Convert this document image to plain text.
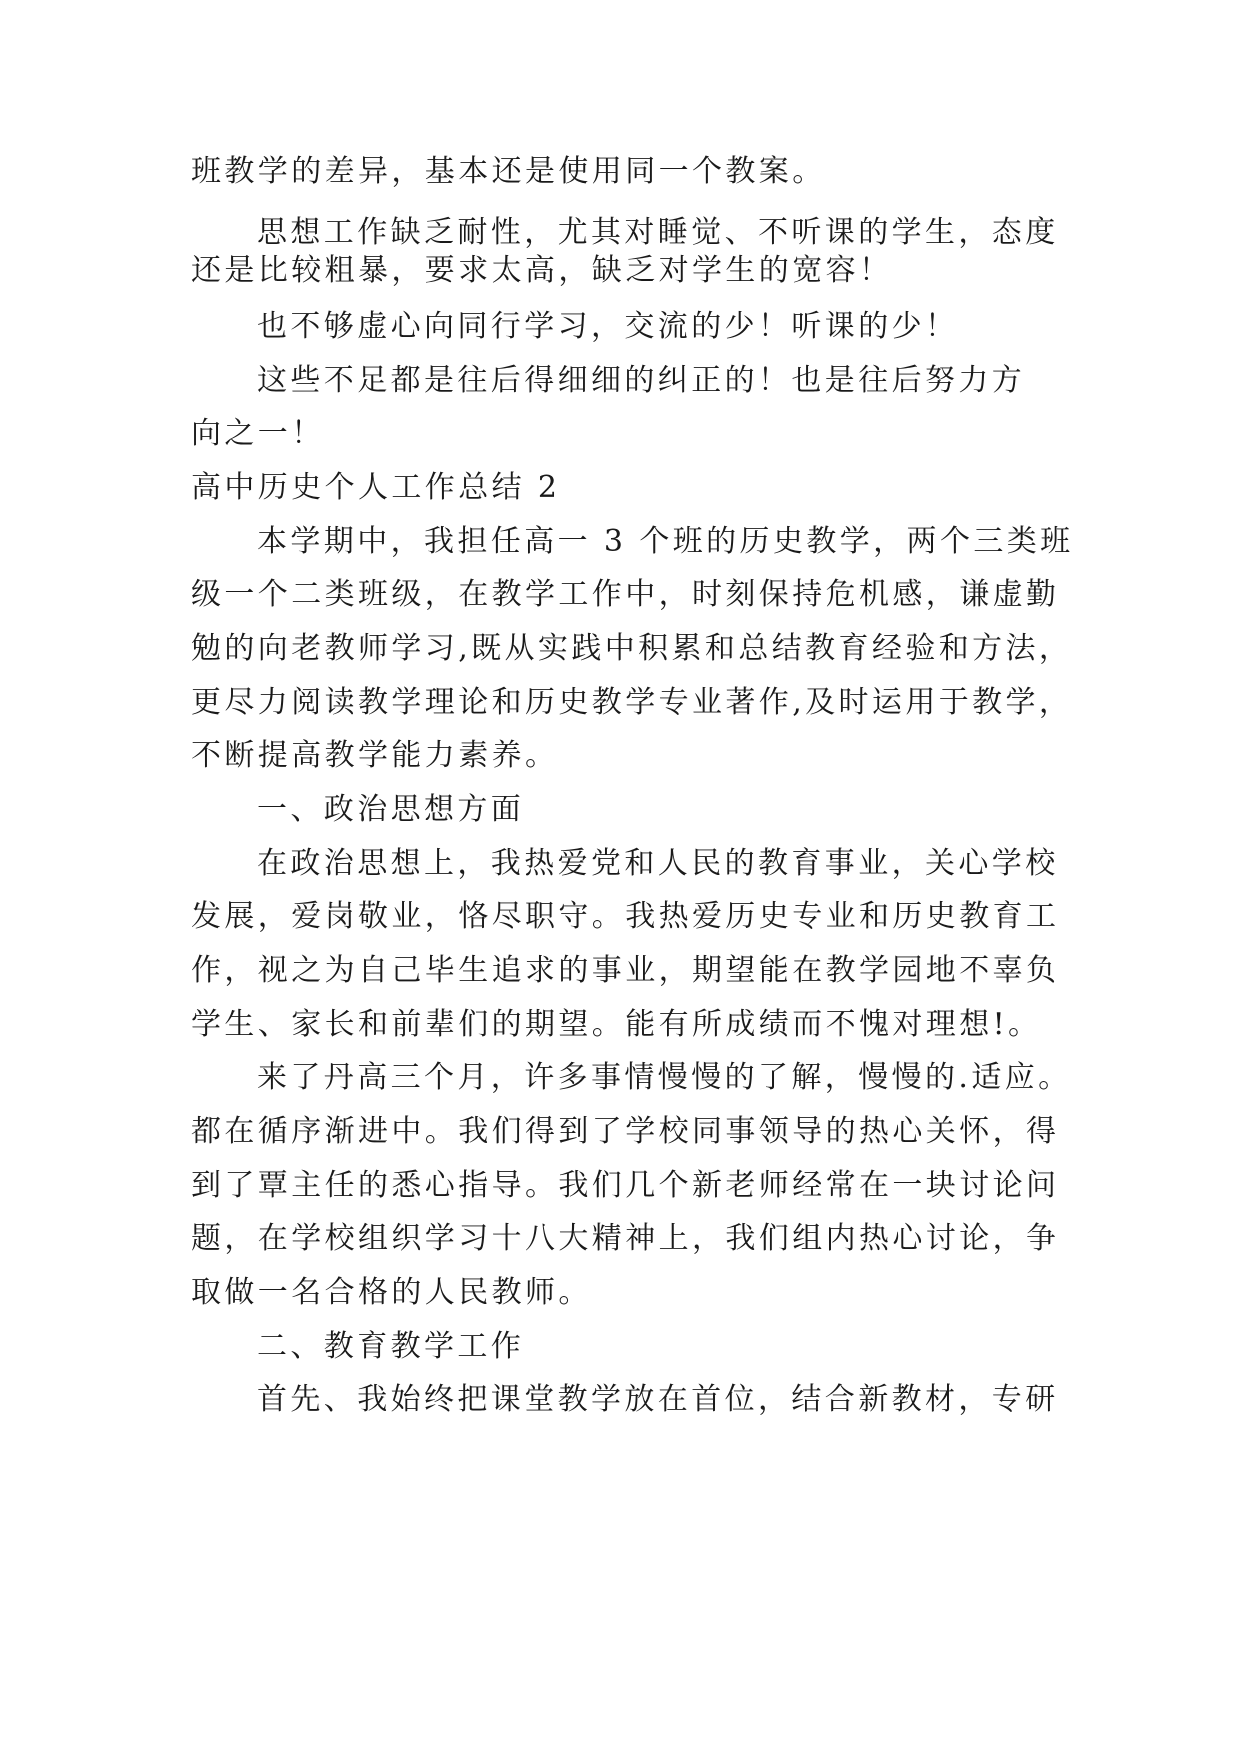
班教学的差异，基本还是使用同一个教案。
思想工作缺乏耐性，尤其对睡觉、不听课的学生，态度
还是比较粗暴，要求太高，缺乏对学生的宽容！
也不够虚心向同行学习，交流的少！听课的少！
这些不足都是往后得细细的纠正的！也是往后努力方
向之一！
高中历史个人工作总结 2
本学期中，我担任高一 3 个班的历史教学，两个三类班
级一个二类班级，在教学工作中，时刻保持危机感，谦虚勤
勉的向老教师学习,既从实践中积累和总结教育经验和方法，
更尽力阅读教学理论和历史教学专业著作,及时运用于教学，
不断提高教学能力素养。
一、政治思想方面
在政治思想上，我热爱党和人民的教育事业，关心学校
发展，爱岗敬业，恪尽职守。我热爱历史专业和历史教育工
作，视之为自己毕生追求的事业，期望能在教学园地不辜负
学生、家长和前辈们的期望。能有所成绩而不愧对理想!。
来了丹高三个月，许多事情慢慢的了解，慢慢的.适应。
都在循序渐进中。我们得到了学校同事领导的热心关怀，得
到了覃主任的悉心指导。我们几个新老师经常在一块讨论问
题，在学校组织学习十八大精神上，我们组内热心讨论，争
取做一名合格的人民教师。
二、教育教学工作
首先、我始终把课堂教学放在首位，结合新教材，专研
